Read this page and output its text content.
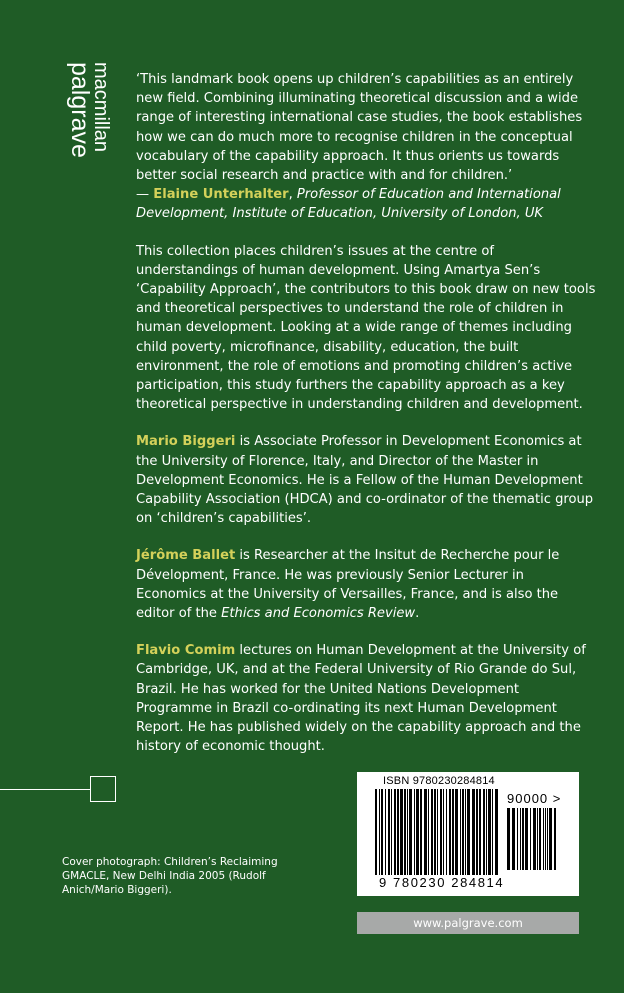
palgrave
macmillan ‘This landmark book opens up children’s capabilities as an entirely new field. Combining illuminating theoretical discussion and a wide range of interesting international case studies, the book establishes how we can do much more to recognise children in the conceptual vocabulary of the capability approach. It thus orients us towards better social research and practice with and for children.’
— Elaine Unterhalter, Professor of Education and International Development, Institute of Education, University of London, UK

This collection places children’s issues at the centre of understandings of human development. Using Amartya Sen’s ‘Capability Approach’, the contributors to this book draw on new tools and theoretical perspectives to understand the role of children in human development. Looking at a wide range of themes including child poverty, microfinance, disability, education, the built environment, the role of emotions and promoting children’s active participation, this study furthers the capability approach as a key theoretical perspective in understanding children and development.

Mario Biggeri is Associate Professor in Development Economics at the University of Florence, Italy, and Director of the Master in Development Economics. He is a Fellow of the Human Development Capability Association (HDCA) and co-ordinator of the thematic group on ‘children’s capabilities’.

Jérôme Ballet is Researcher at the Insitut de Recherche pour le Dévelopment, France. He was previously Senior Lecturer in Economics at the University of Versailles, France, and is also the editor of the Ethics and Economics Review.

Flavio Comim lectures on Human Development at the University of Cambridge, UK, and at the Federal University of Rio Grande do Sul, Brazil. He has worked for the United Nations Development Programme in Brazil co-ordinating its next Human Development Report. He has published widely on the capability approach and the history of economic thought.

Cover photograph: Children’s Reclaiming GMACLE, New Delhi India 2005 (Rudolf Anich/Mario Biggeri).
ISBN 9780230284814
90000 >
9 780230 284814
www.palgrave.com
